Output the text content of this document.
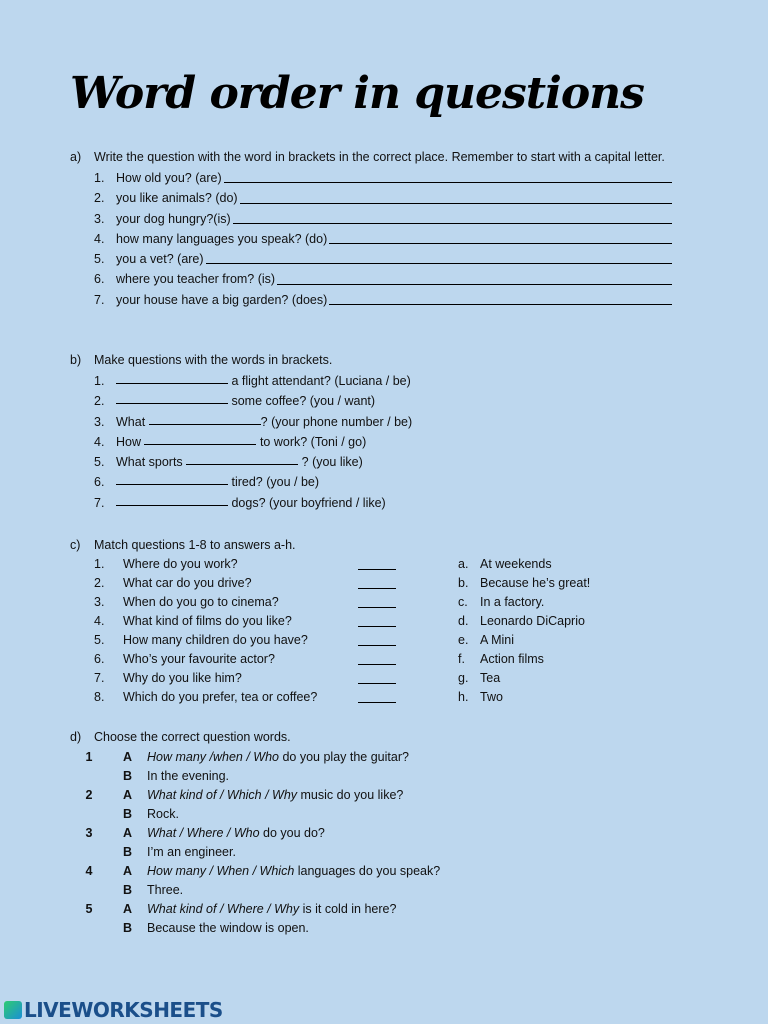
Word order in questions
a)	Write the question with the word in brackets in the correct place. Remember to start with a capital letter.
1. How old you? (are)
2. you like animals? (do)
3. your dog hungry?(is)
4. how many languages you speak? (do)
5. you a vet? (are)
6. where you teacher from? (is)
7. your house have a big garden? (does)
b)	Make questions with the words in brackets.
1.	a flight attendant? (Luciana / be)
2.	some coffee? (you / want)
3. What	? (your phone number / be)
4. How	to work? (Toni / go)
5. What sports	? (you like)
6.	tired? (you / be)
7.	dogs? (your boyfriend / like)
c)	Match questions 1-8 to answers a-h.
1.	Where do you work?	a. At weekends
2.	What car do you drive?	b. Because he’s great!
3.	When do you go to cinema?	c. In a factory.
4.	What kind of films do you like?	d. Leonardo DiCaprio
5.	How many children do you have?	e. A Mini
6.	Who’s your favourite actor?	f.	Action films
7.	Why do you like him?	g. Tea
8.	Which do you prefer, tea or coffee?	h. Two
d)	Choose the correct question words.
1	A	How many /when / Who do you play the guitar?
B	In the evening.
2	A	What kind of / Which / Why music do you like?
B	Rock.
3	A	What / Where / Who do you do?
B	I’m an engineer.
4	A	How many / When / Which languages do you speak?
B	Three.
5	A	What kind of / Where / Why is it cold in here?
B	Because the window is open.
LIVEWORKSHEETS
